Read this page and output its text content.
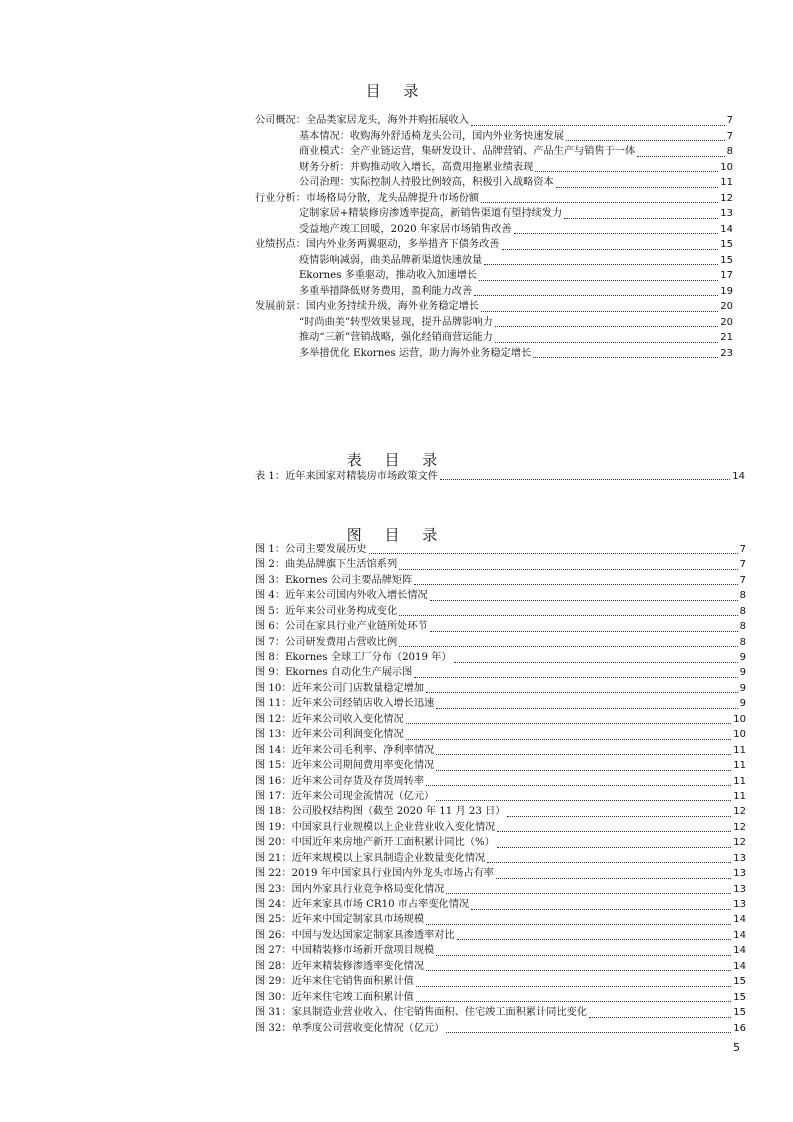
目 录
公司概况：全品类家居龙头，海外并购拓展收入	7
基本情况：收购海外舒适椅龙头公司，国内外业务快速发展	7
商业模式：全产业链运营，集研发设计、品牌营销、产品生产与销售于一体	8
财务分析：并购推动收入增长，高费用拖累业绩表现	10
公司治理：实际控制人持股比例较高，积极引入战略资本	11
行业分析：市场格局分散，龙头品牌提升市场份额	12
定制家居+精装修房渗透率提高，新销售渠道有望持续发力	13
受益地产竣工回暖，2020 年家居市场销售改善	14
业绩拐点：国内外业务两翼驱动，多举措齐下债务改善	15
疫情影响减弱，曲美品牌新渠道快速放量	15
Ekornes 多重驱动，推动收入加速增长	17
多重举措降低财务费用，盈利能力改善	19
发展前景：国内业务持续升级，海外业务稳定增长	20
“时尚曲美”转型效果显现，提升品牌影响力	20
推动“三新”营销战略，强化经销商营运能力	21
多举措优化 Ekornes 运营，助力海外业务稳定增长	23
表 目 录
表 1：近年来国家对精装房市场政策文件	14
图 目 录
图 1：公司主要发展历史	7
图 2：曲美品牌旗下生活馆系列	7
图 3：Ekornes 公司主要品牌矩阵	7
图 4：近年来公司国内外收入增长情况	8
图 5：近年来公司业务构成变化	8
图 6：公司在家具行业产业链所处环节	8
图 7：公司研发费用占营收比例	8
图 8：Ekornes 全球工厂分布（2019 年）	9
图 9：Ekornes 自动化生产展示图	9
图 10：近年来公司门店数量稳定增加	9
图 11：近年来公司经销店收入增长迅速	9
图 12：近年来公司收入变化情况	10
图 13：近年来公司利润变化情况	10
图 14：近年来公司毛利率、净利率情况	11
图 15：近年来公司期间费用率变化情况	11
图 16：近年来公司存货及存货周转率	11
图 17：近年来公司现金流情况（亿元）	11
图 18：公司股权结构图（截至 2020 年 11 月 23 日）	12
图 19：中国家具行业规模以上企业营业收入变化情况	12
图 20：中国近年来房地产新开工面积累计同比（%）	12
图 21：近年来规模以上家具制造企业数量变化情况	13
图 22：2019 年中国家具行业国内外龙头市场占有率	13
图 23：国内外家具行业竞争格局变化情况	13
图 24：近年来家具市场 CR10 市占率变化情况	13
图 25：近年来中国定制家具市场规模	14
图 26：中国与发达国家定制家具渗透率对比	14
图 27：中国精装修市场新开盘项目规模	14
图 28：近年来精装修渗透率变化情况	14
图 29：近年来住宅销售面积累计值	15
图 30：近年来住宅竣工面积累计值	15
图 31：家具制造业营业收入、住宅销售面积、住宅竣工面积累计同比变化	15
图 32：单季度公司营收变化情况（亿元）	16
5
